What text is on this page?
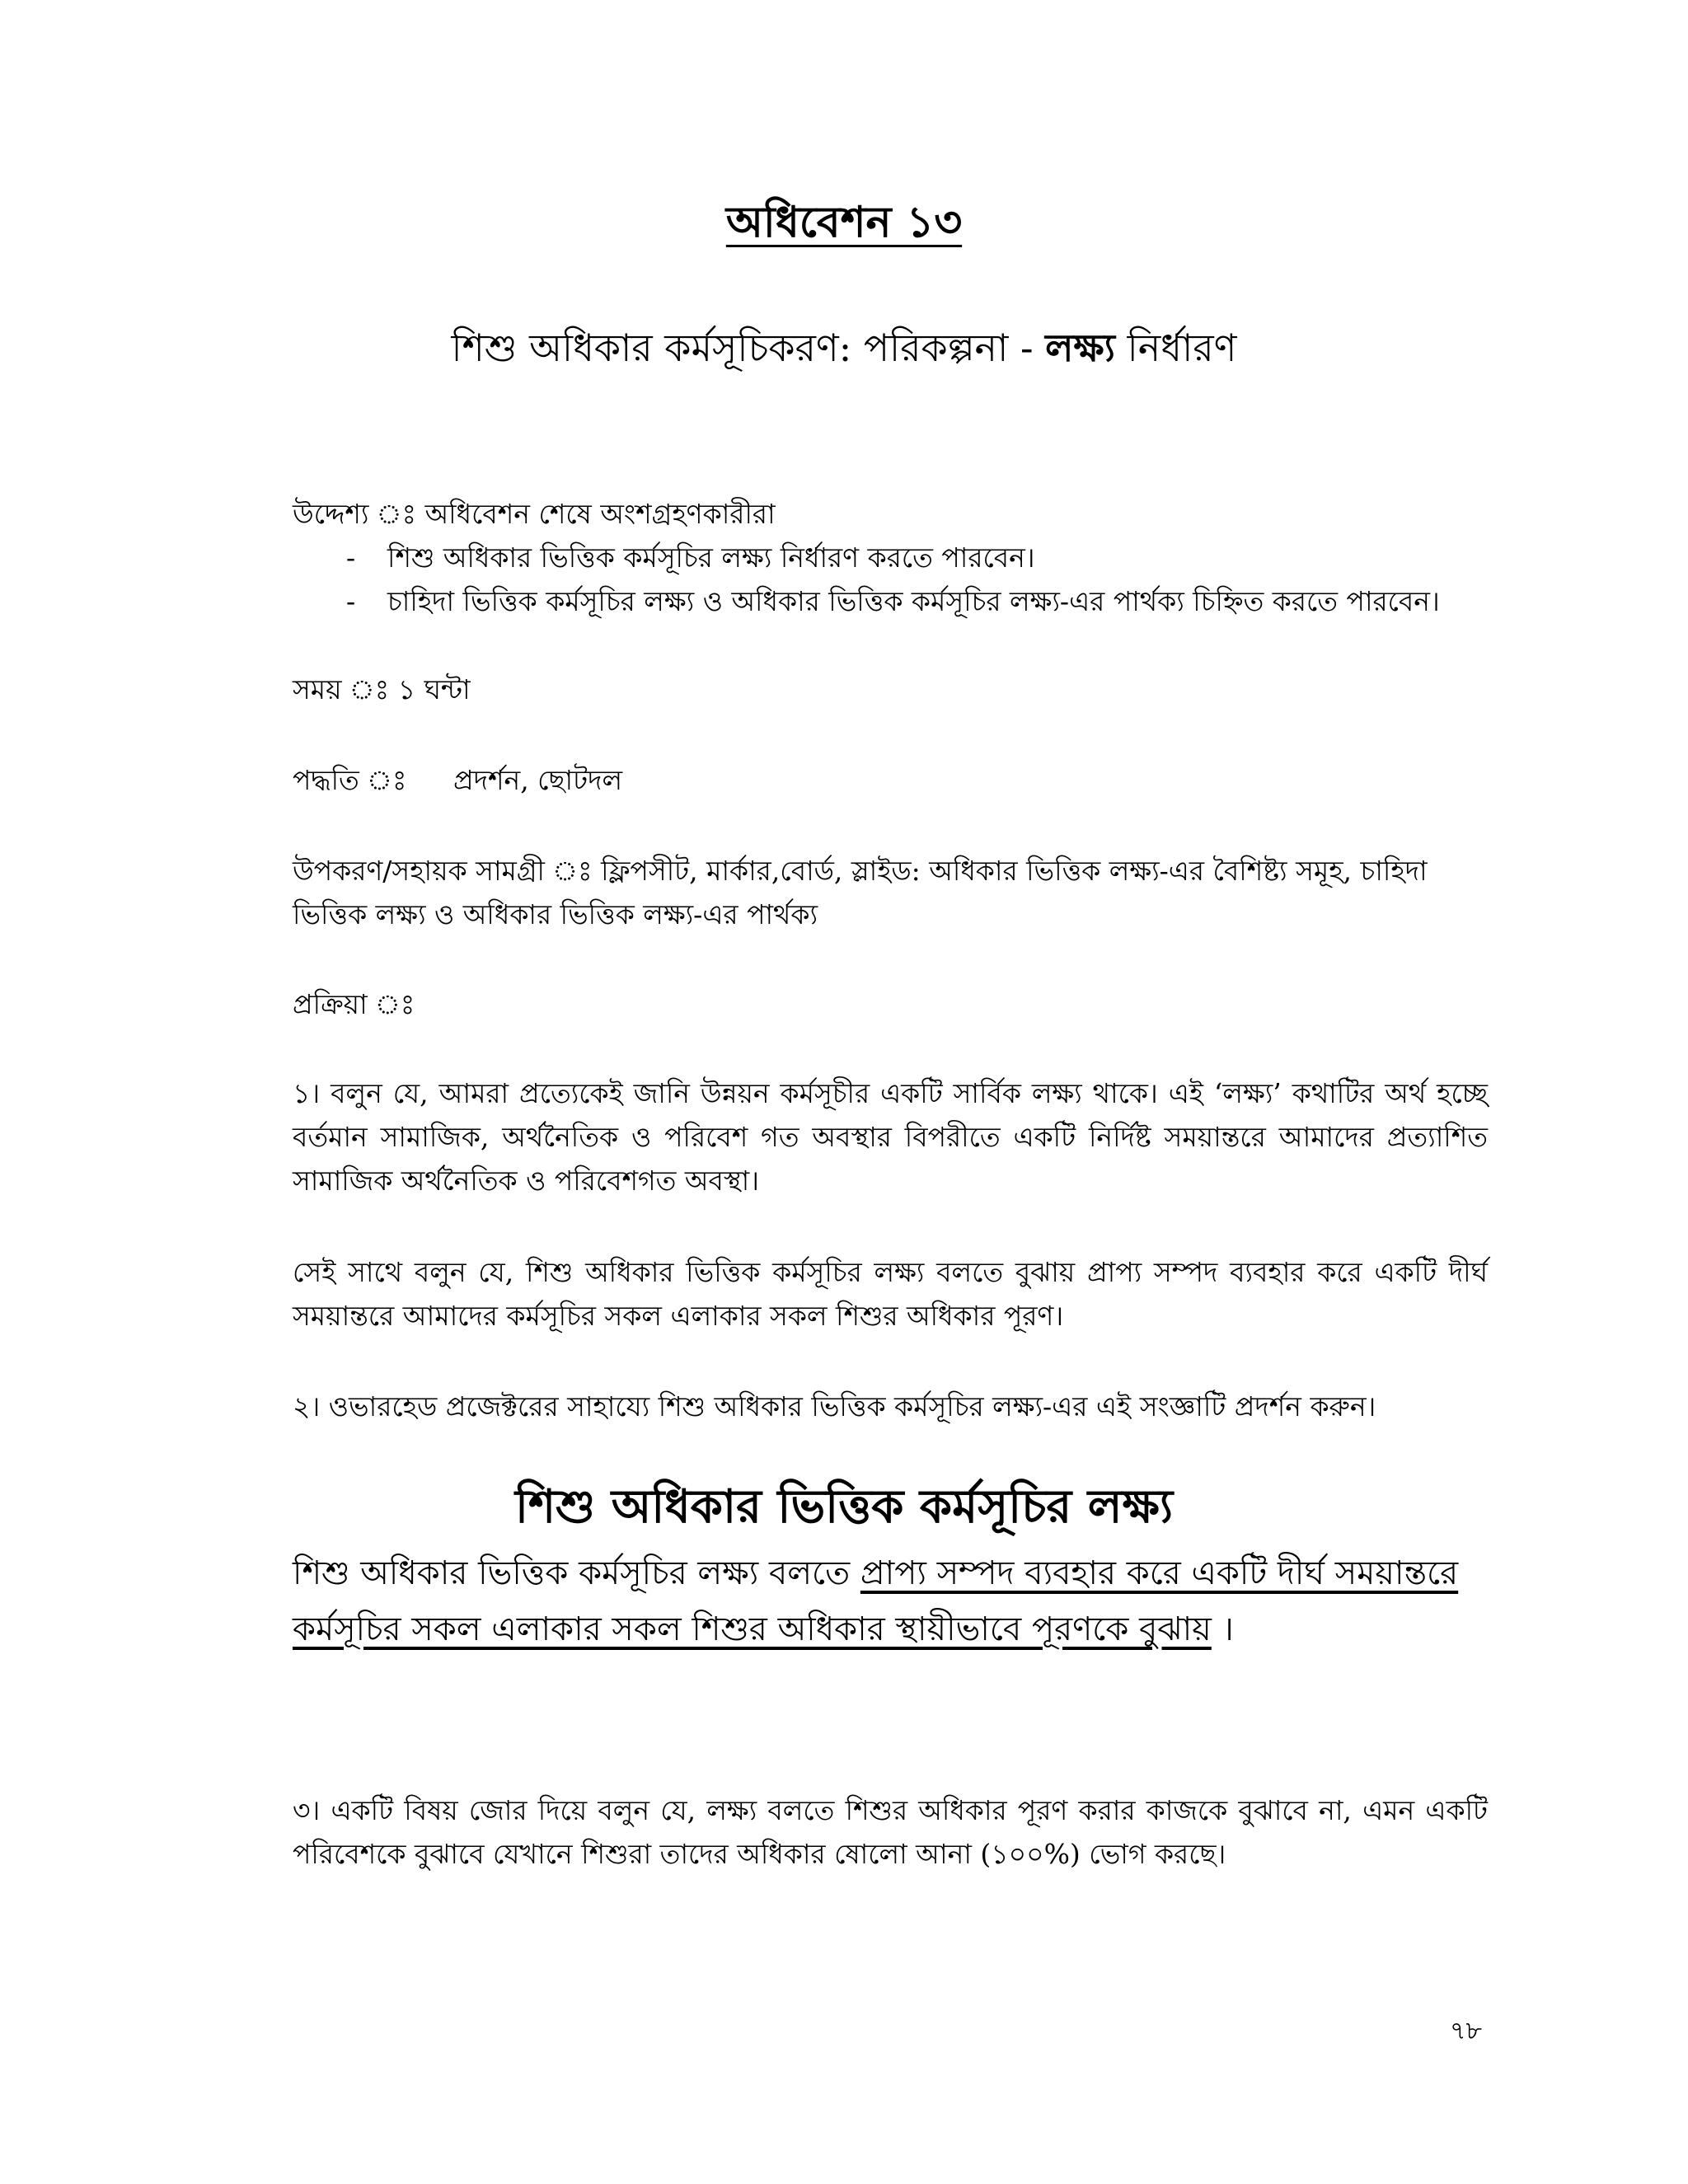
অধিবেশন ১৩
শিশু অধিকার কর্মসূচিকরণ: পরিকল্পনা - লক্ষ্য নির্ধারণ

উদ্দেশ্য ঃ অধিবেশন শেষে অংশগ্রহণকারীরা

- শিশু অধিকার ভিত্তিক কর্মসূচির লক্ষ্য নির্ধারণ করতে পারবেন।
- চাহিদা ভিত্তিক কর্মসূচির লক্ষ্য ও অধিকার ভিত্তিক কর্মসূচির লক্ষ্য-এর পার্থক্য চিহ্নিত করতে পারবেন।

সময় ঃ ১ ঘন্টা

পদ্ধতি ঃ প্রদর্শন, ছোটদল

উপকরণ/সহায়ক সামগ্রী ঃ ফ্লিপসীট, মার্কার,বোর্ড, স্লাইড: অধিকার ভিত্তিক লক্ষ্য-এর বৈশিষ্ট্য সমূহ, চাহিদা ভিত্তিক লক্ষ্য ও অধিকার ভিত্তিক লক্ষ্য-এর পার্থক্য

প্রক্রিয়া ঃ

১। বলুন যে, আমরা প্রত্যেকেই জানি উন্নয়ন কর্মসূচীর একটি সার্বিক লক্ষ্য থাকে। এই ‘লক্ষ্য’ কথাটির অর্থ হচ্ছে বর্তমান সামাজিক, অর্থনৈতিক ও পরিবেশ গত অবস্থার বিপরীতে একটি নির্দিষ্ট সময়ান্তরে আমাদের প্রত্যাশিত সামাজিক অর্থনৈতিক ও পরিবেশগত অবস্থা।

সেই সাথে বলুন যে, শিশু অধিকার ভিত্তিক কর্মসূচির লক্ষ্য বলতে বুঝায় প্রাপ্য সম্পদ ব্যবহার করে একটি দীর্ঘ সময়ান্তরে আমাদের কর্মসূচির সকল এলাকার সকল শিশুর অধিকার পূরণ।

২। ওভারহেড প্রজেক্টরের সাহায্যে শিশু অধিকার ভিত্তিক কর্মসূচির লক্ষ্য-এর এই সংজ্ঞাটি প্রদর্শন করুন।

শিশু অধিকার ভিত্তিক কর্মসূচির লক্ষ্য

শিশু অধিকার ভিত্তিক কর্মসূচির লক্ষ্য বলতে প্রাপ্য সম্পদ ব্যবহার করে একটি দীর্ঘ সময়ান্তরে কর্মসূচির সকল এলাকার সকল শিশুর অধিকার স্থায়ীভাবে পূরণকে বুঝায় ।

৩। একটি বিষয় জোর দিয়ে বলুন যে, লক্ষ্য বলতে শিশুর অধিকার পূরণ করার কাজকে বুঝাবে না, এমন একটি পরিবেশকে বুঝাবে যেখানে শিশুরা তাদের অধিকার ষোলো আনা (১০০%) ভোগ করছে।

৭৮
